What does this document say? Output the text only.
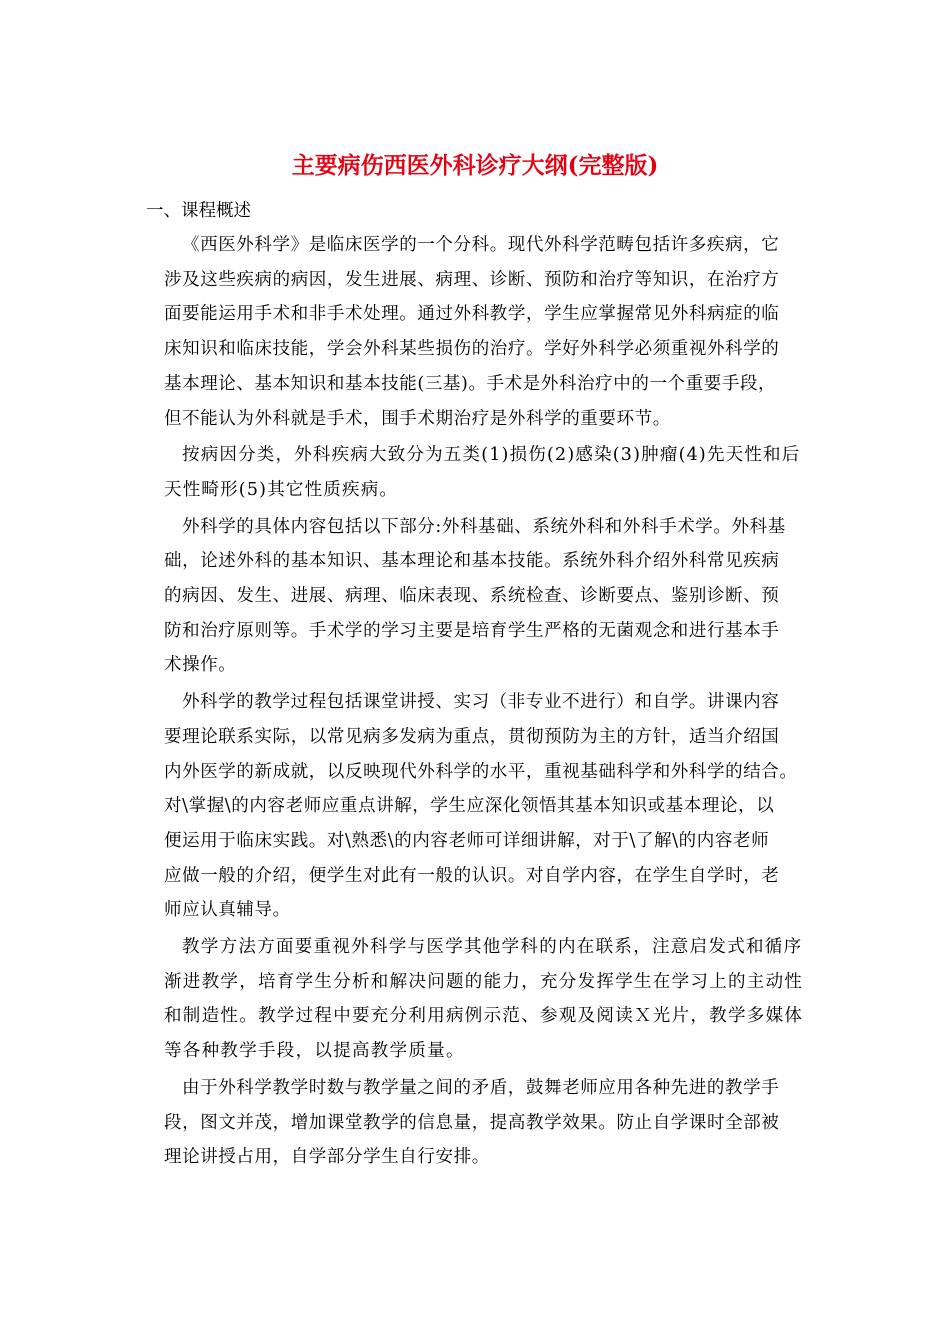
主要病伤西医外科诊疗大纲(完整版)
一、课程概述
《西医外科学》是临床医学的一个分科。现代外科学范畴包括许多疾病，它
涉及这些疾病的病因，发生进展、病理、诊断、预防和治疗等知识，在治疗方
面要能运用手术和非手术处理。通过外科教学，学生应掌握常见外科病症的临
床知识和临床技能，学会外科某些损伤的治疗。学好外科学必须重视外科学的
基本理论、基本知识和基本技能(三基)。手术是外科治疗中的一个重要手段，
但不能认为外科就是手术，围手术期治疗是外科学的重要环节。
按病因分类，外科疾病大致分为五类(1)损伤(2)感染(3)肿瘤(4)先天性和后
天性畸形(5)其它性质疾病。
外科学的具体内容包括以下部分:外科基础、系统外科和外科手术学。外科基
础，论述外科的基本知识、基本理论和基本技能。系统外科介绍外科常见疾病
的病因、发生、进展、病理、临床表现、系统检查、诊断要点、鉴别诊断、预
防和治疗原则等。手术学的学习主要是培育学生严格的无菌观念和进行基本手
术操作。
外科学的教学过程包括课堂讲授、实习（非专业不进行）和自学。讲课内容
要理论联系实际，以常见病多发病为重点，贯彻预防为主的方针，适当介绍国
内外医学的新成就，以反映现代外科学的水平，重视基础科学和外科学的结合。
对\掌握\的内容老师应重点讲解，学生应深化领悟其基本知识或基本理论，以
便运用于临床实践。对\熟悉\的内容老师可详细讲解，对于\了解\的内容老师
应做一般的介绍，便学生对此有一般的认识。对自学内容，在学生自学时，老
师应认真辅导。
教学方法方面要重视外科学与医学其他学科的内在联系，注意启发式和循序
渐进教学，培育学生分析和解决问题的能力，充分发挥学生在学习上的主动性
和制造性。教学过程中要充分利用病例示范、参观及阅读Ｘ光片，教学多媒体
等各种教学手段，以提高教学质量。
由于外科学教学时数与教学量之间的矛盾，鼓舞老师应用各种先进的教学手
段，图文并茂，增加课堂教学的信息量，提高教学效果。防止自学课时全部被
理论讲授占用，自学部分学生自行安排。
